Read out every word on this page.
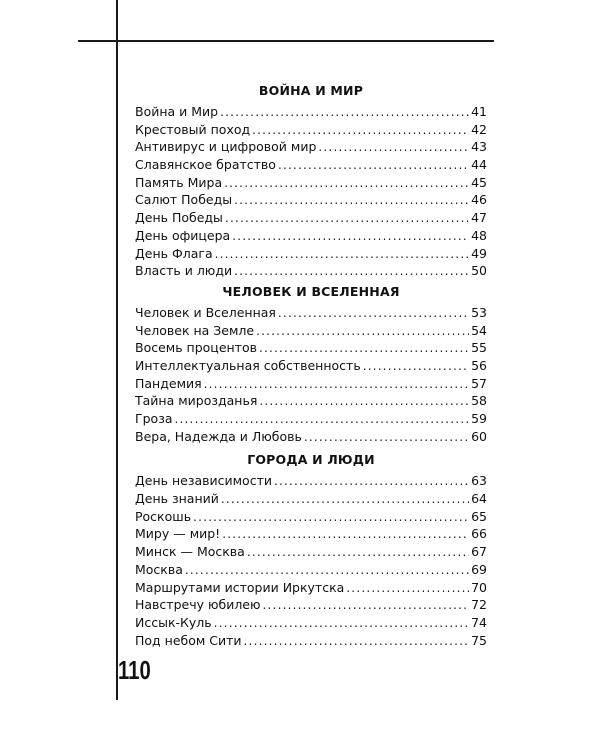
ВОЙНА И МИР
Война и Мир .....	41
Крестовый поход .....	42
Антивирус и цифровой мир .....	43
Славянское братство .....	44
Память Мира .....	45
Салют Победы .....	46
День Победы .....	47
День офицера .....	48
День Флага .....	49
Власть и люди .....	50
ЧЕЛОВЕК И ВСЕЛЕННАЯ
Человек и Вселенная .....	53
Человек на Земле .....	54
Восемь процентов .....	55
Интеллектуальная собственность .....	56
Пандемия .....	57
Тайна мирозданья .....	58
Гроза .....	59
Вера, Надежда и Любовь .....	60
ГОРОДА И ЛЮДИ
День независимости .....	63
День знаний .....	64
Роскошь .....	65
Миру — мир! .....	66
Минск — Москва .....	67
Москва .....	69
Маршрутами истории Иркутска .....	70
Навстречу юбилею .....	72
Иссык-Куль .....	74
Под небом Сити .....	75
110
